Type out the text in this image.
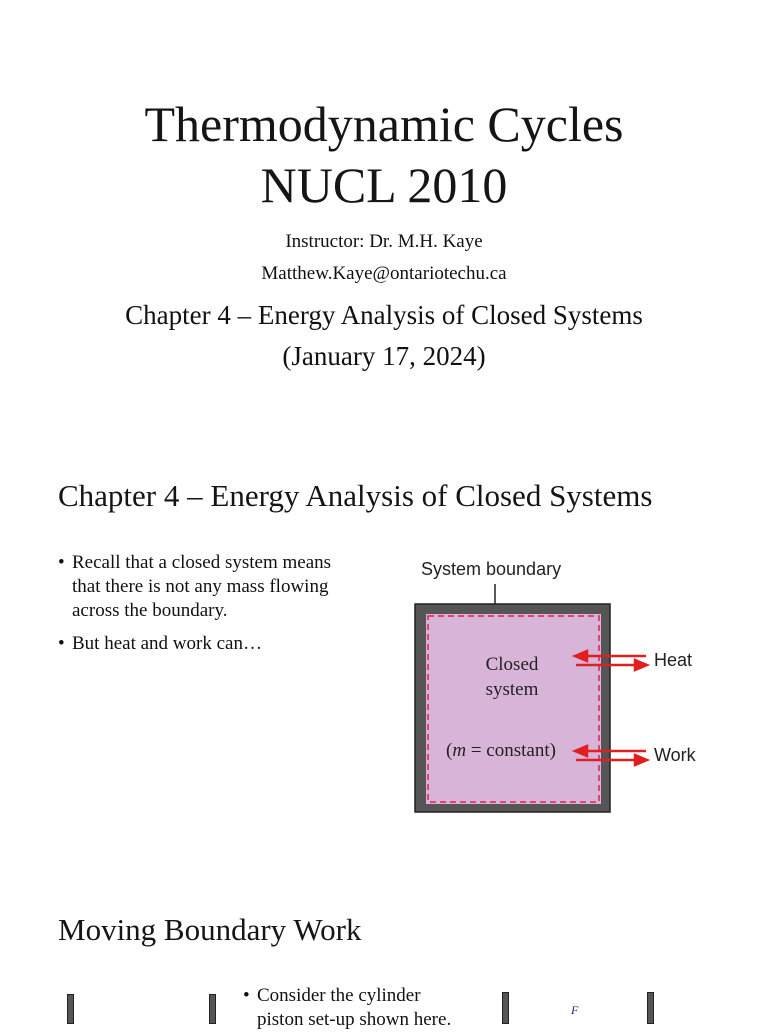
Thermodynamic Cycles
NUCL 2010
Instructor: Dr. M.H. Kaye
Matthew.Kaye@ontariotechu.ca
Chapter 4 – Energy Analysis of Closed Systems
(January 17, 2024)
Chapter 4 – Energy Analysis of Closed Systems
• Recall that a closed system means
that there is not any mass flowing
across the boundary.
• But heat and work can…
System boundary
Closed
system
(m = constant)
Heat
Work
Moving Boundary Work
• Consider the cylinder
piston set-up shown here.	F
